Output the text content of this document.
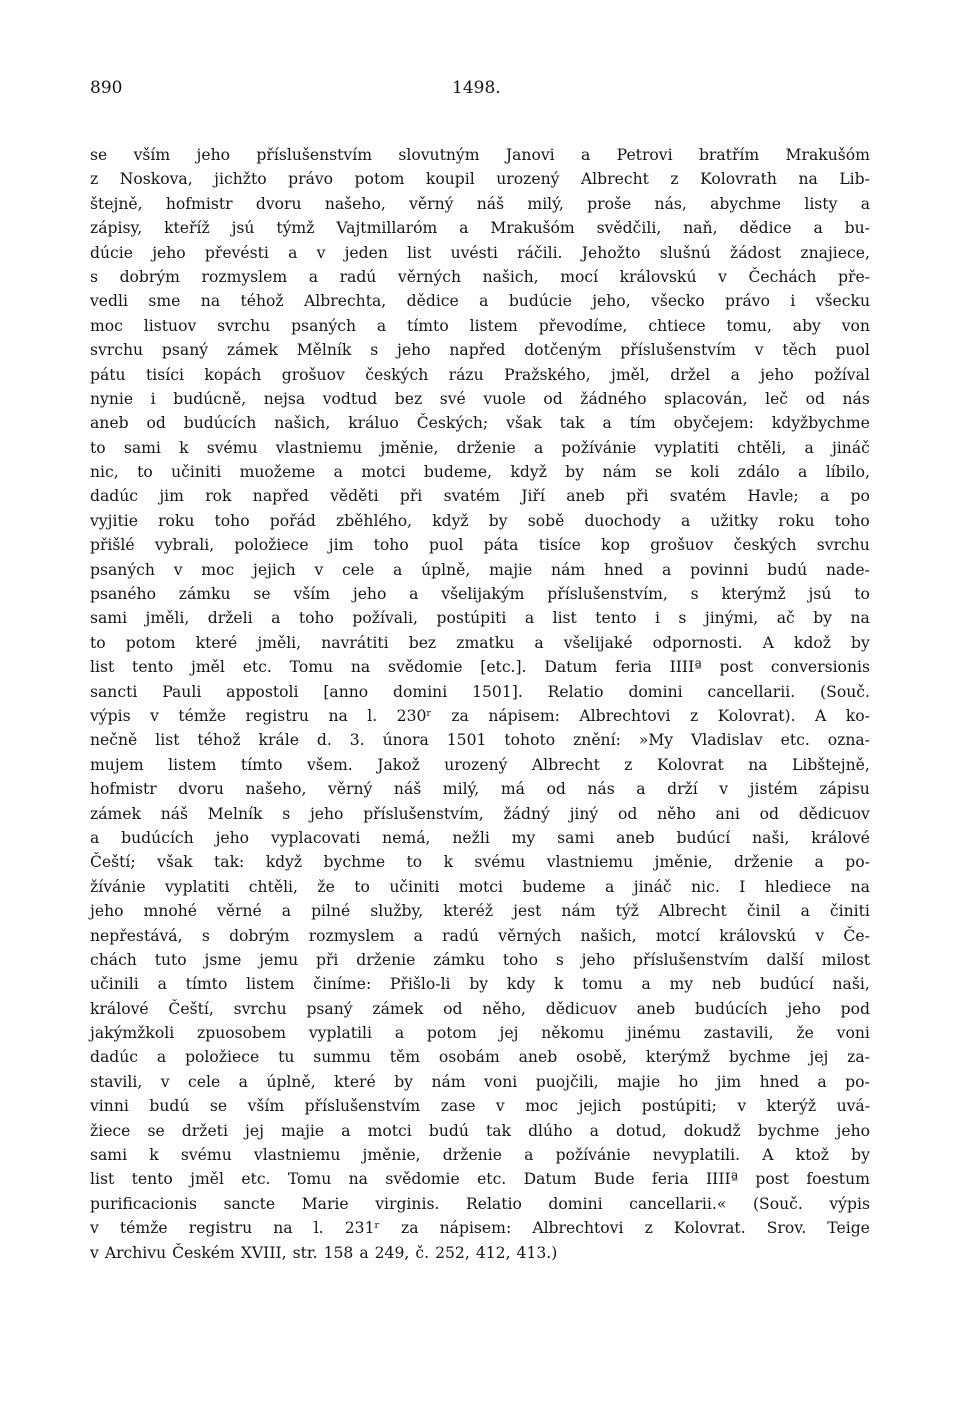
890	1498.
se vším jeho příslušenstvím slovutným Janovi a Petrovi bratřím Mrakušóm
z Noskova, jichžto právo potom koupil urozený Albrecht z Kolovrath na Lib-
štejně, hofmistr dvoru našeho, věrný náš milý, proše nás, abychme listy a
zápisy, kteříž jsú týmž Vajtmillaróm a Mrakušóm svědčili, naň, dědice a bu-
dúcie jeho převésti a v jeden list uvésti ráčili. Jehožto slušnú žádost znajiece,
s dobrým rozmyslem a radú věrných našich, mocí královskú v Čechách pře-
vedli sme na téhož Albrechta, dědice a budúcie jeho, všecko právo i všecku
moc listuov svrchu psaných a tímto listem převodíme, chtiece tomu, aby von
svrchu psaný zámek Mělník s jeho napřed dotčeným příslušenstvím v těch puol
pátu tisíci kopách grošuov českých rázu Pražského, jměl, držel a jeho požíval
nynie i budúcně, nejsa vodtud bez své vuole od žádného splacován, leč od nás
aneb od budúcích našich, králuo Českých; však tak a tím obyčejem: kdyžbychme
to sami k svému vlastniemu jměnie, drženie a požívánie vyplatiti chtěli, a jináč
nic, to učiniti muožeme a motci budeme, když by nám se koli zdálo a líbilo,
dadúc jim rok napřed věděti při svatém Jiří aneb při svatém Havle; a po
vyjitie roku toho pořád zběhlého, když by sobě duochody a užitky roku toho
přišlé vybrali, položiece jim toho puol páta tisíce kop grošuov českých svrchu
psaných v moc jejich v cele a úplně, majie nám hned a povinni budú nade-
psaného zámku se vším jeho a všelijakým příslušenstvím, s kterýmž jsú to
sami jměli, drželi a toho požívali, postúpiti a list tento i s jinými, ač by na
to potom které jměli, navrátiti bez zmatku a všelijaké odpornosti. A kdož by
list tento jměl etc. Tomu na svědomie [etc.]. Datum feria IIIIª post conversionis
sancti Pauli appostoli [anno domini 1501]. Relatio domini cancellarii. (Souč.
výpis v témže registru na l. 230ʳ za nápisem: Albrechtovi z Kolovrat). A ko-
nečně list téhož krále d. 3. února 1501 tohoto znění: »My Vladislav etc. ozna-
mujem listem tímto všem. Jakož urozený Albrecht z Kolovrat na Libštejně,
hofmistr dvoru našeho, věrný náš milý, má od nás a drží v jistém zápisu
zámek náš Melník s jeho příslušenstvím, žádný jiný od něho ani od dědicuov
a budúcích jeho vyplacovati nemá, nežli my sami aneb budúcí naši, králové
Čeští; však tak: když bychme to k svému vlastniemu jměnie, drženie a po-
žívánie vyplatiti chtěli, že to učiniti motci budeme a jináč nic. I hlediece na
jeho mnohé věrné a pilné služby, kteréž jest nám týž Albrecht činil a činiti
nepřestává, s dobrým rozmyslem a radú věrných našich, motcí královskú v Če-
chách tuto jsme jemu při drženie zámku toho s jeho příslušenstvím další milost
učinili a tímto listem činíme: Přišlo-li by kdy k tomu a my neb budúcí naši,
králové Čeští, svrchu psaný zámek od něho, dědicuov aneb budúcích jeho pod
jakýmžkoli zpuosobem vyplatili a potom jej někomu jinému zastavili, že voni
dadúc a položiece tu summu těm osobám aneb osobě, kterýmž bychme jej za-
stavili, v cele a úplně, které by nám voni puojčili, majie ho jim hned a po-
vinni budú se vším příslušenstvím zase v moc jejich postúpiti; v kterýž uvá-
žiece se držeti jej majie a motci budú tak dlúho a dotud, dokudž bychme jeho
sami k svému vlastniemu jměnie, drženie a požívánie nevyplatili. A ktož by
list tento jměl etc. Tomu na svědomie etc. Datum Bude feria IIIIª post foestum
purificacionis sancte Marie virginis. Relatio domini cancellarii.« (Souč. výpis
v témže registru na l. 231ʳ za nápisem: Albrechtovi z Kolovrat. Srov. Teige
v Archivu Českém XVIII, str. 158 a 249, č. 252, 412, 413.)
